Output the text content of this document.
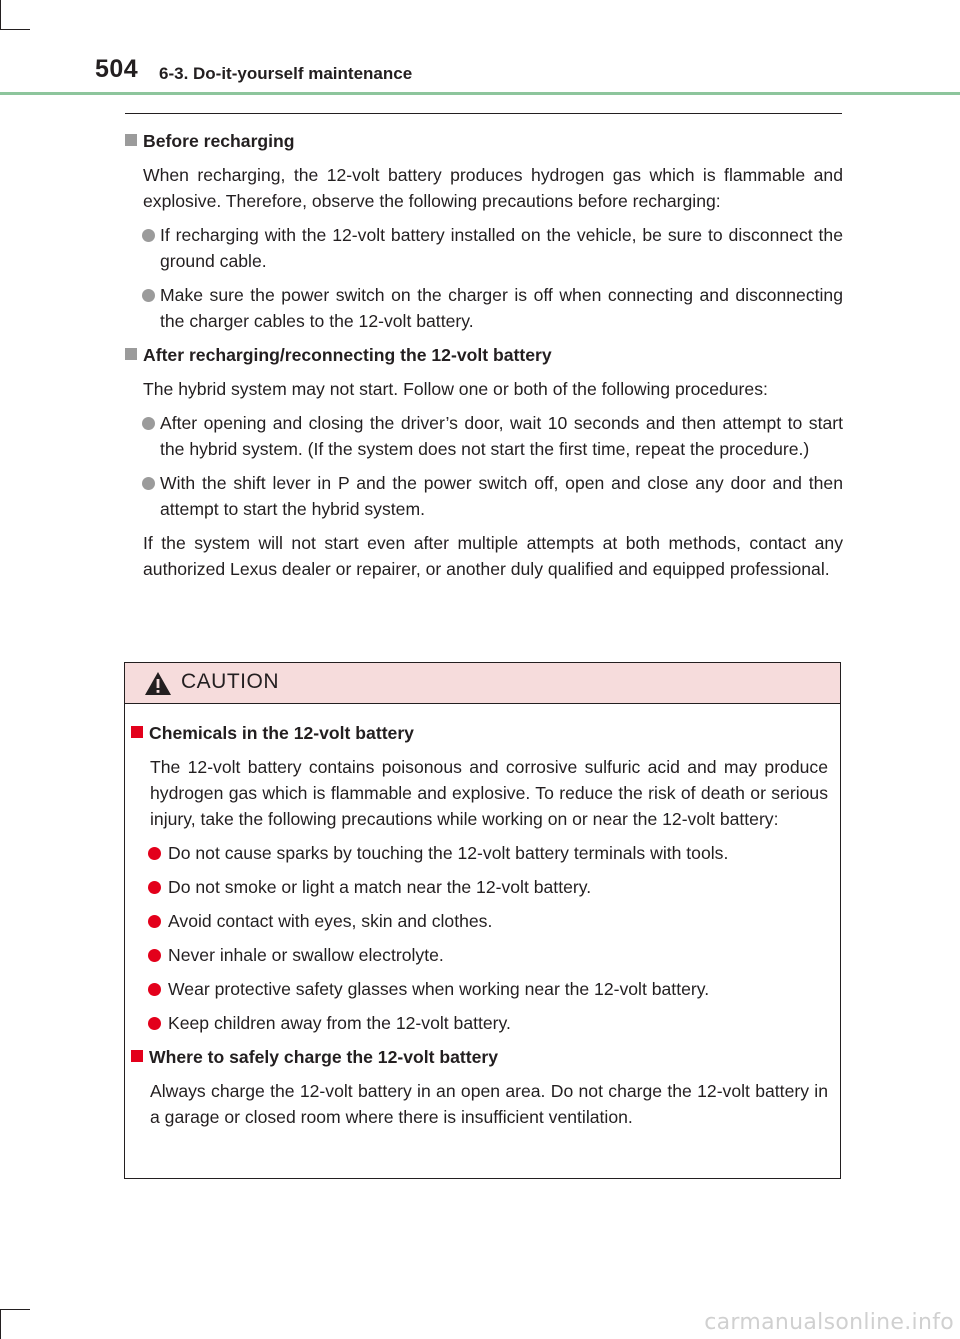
504 6-3. Do-it-yourself maintenance
Before recharging
When recharging, the 12-volt battery produces hydrogen gas which is flammable and explosive. Therefore, observe the following precautions before recharging:
If recharging with the 12-volt battery installed on the vehicle, be sure to disconnect the ground cable.
Make sure the power switch on the charger is off when connecting and disconnecting the charger cables to the 12-volt battery.
After recharging/reconnecting the 12-volt battery
The hybrid system may not start. Follow one or both of the following procedures:
After opening and closing the driver’s door, wait 10 seconds and then attempt to start the hybrid system. (If the system does not start the first time, repeat the procedure.)
With the shift lever in P and the power switch off, open and close any door and then attempt to start the hybrid system.
If the system will not start even after multiple attempts at both methods, contact any authorized Lexus dealer or repairer, or another duly qualified and equipped professional.
CAUTION
Chemicals in the 12-volt battery
The 12-volt battery contains poisonous and corrosive sulfuric acid and may produce hydrogen gas which is flammable and explosive. To reduce the risk of death or serious injury, take the following precautions while working on or near the 12-volt battery:
Do not cause sparks by touching the 12-volt battery terminals with tools.
Do not smoke or light a match near the 12-volt battery.
Avoid contact with eyes, skin and clothes.
Never inhale or swallow electrolyte.
Wear protective safety glasses when working near the 12-volt battery.
Keep children away from the 12-volt battery.
Where to safely charge the 12-volt battery
Always charge the 12-volt battery in an open area. Do not charge the 12-volt battery in a garage or closed room where there is insufficient ventilation.
carmanualsonline.info
